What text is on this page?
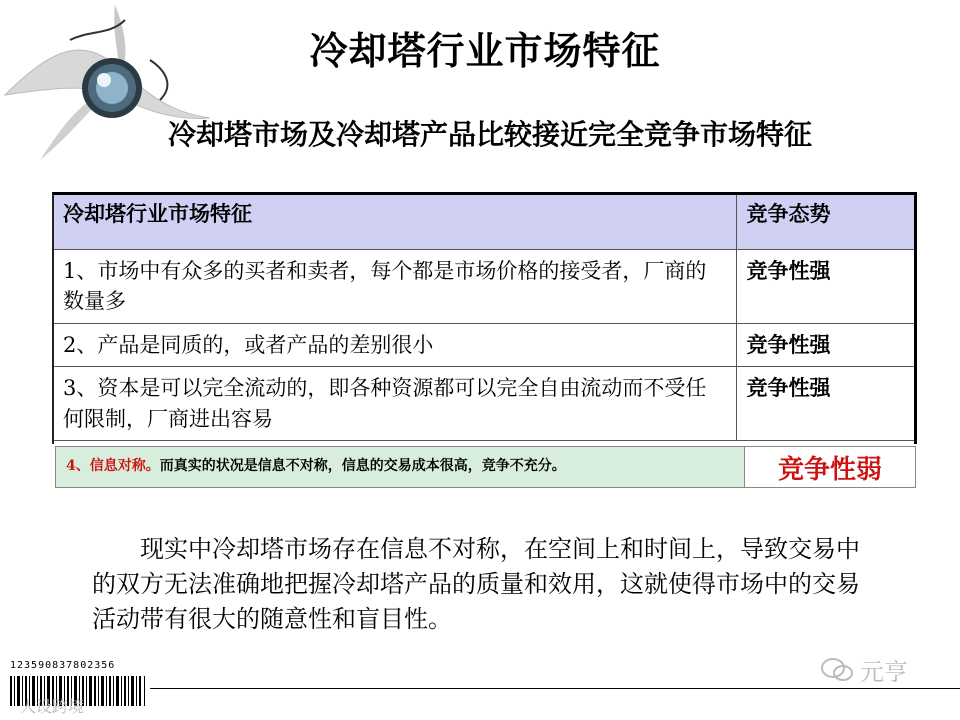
冷却塔行业市场特征
冷却塔市场及冷却塔产品比较接近完全竞争市场特征
冷却塔行业市场特征	竞争态势
1、市场中有众多的买者和卖者，每个都是市场价格的接受者，厂商的数量多	竞争性强
2、产品是同质的，或者产品的差别很小	竞争性强
3、资本是可以完全流动的，即各种资源都可以完全自由流动而不受任何限制，厂商进出容易	竞争性强
4、信息对称。而真实的状况是信息不对称，信息的交易成本很高，竞争不充分。	竞争性弱

现实中冷却塔市场存在信息不对称，在空间上和时间上，导致交易中的双方无法准确地把握冷却塔产品的质量和效用，这就使得市场中的交易活动带有很大的随意性和盲目性。

123590837802356
人设跨境
元亨
